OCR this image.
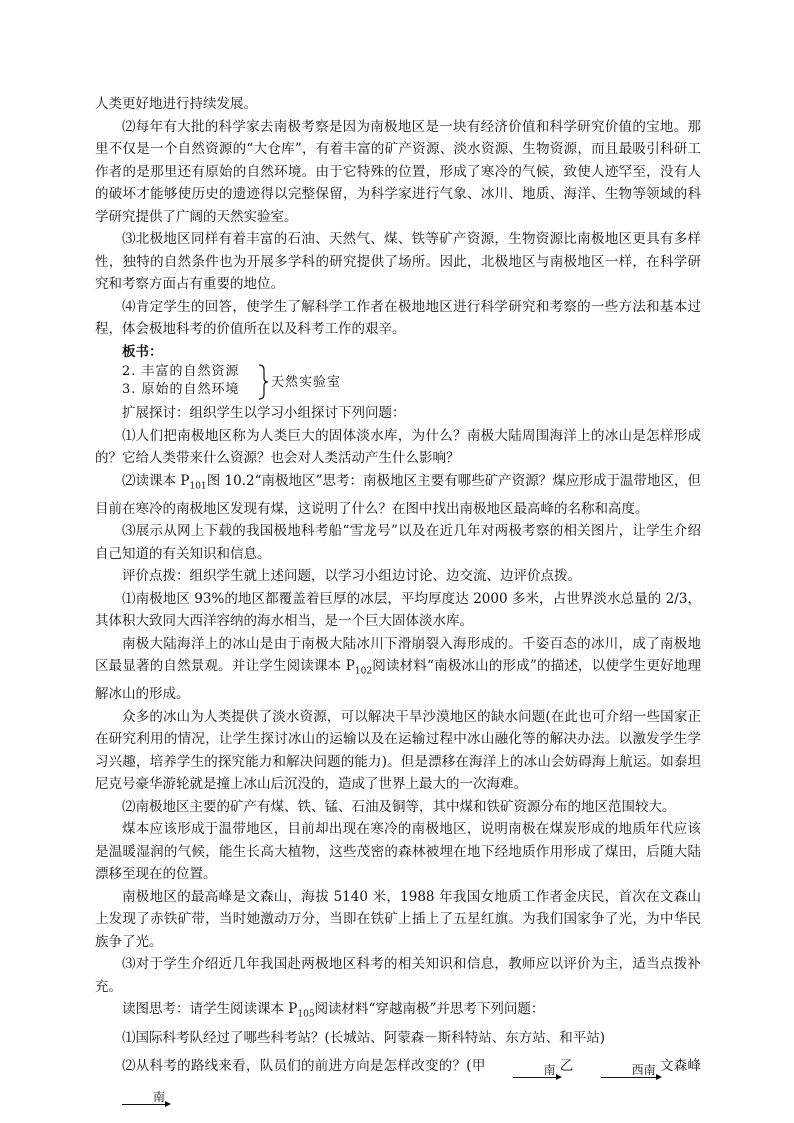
人类更好地进行持续发展。

⑵每年有大批的科学家去南极考察是因为南极地区是一块有经济价值和科学研究价值的宝地。那里不仅是一个自然资源的“大仓库”，有着丰富的矿产资源、淡水资源、生物资源，而且最吸引科研工作者的是那里还有原始的自然环境。由于它特殊的位置，形成了寒冷的气候，致使人迹罕至，没有人的破坏才能够使历史的遗迹得以完整保留，为科学家进行气象、冰川、地质、海洋、生物等领域的科学研究提供了广阔的天然实验室。

⑶北极地区同样有着丰富的石油、天然气、煤、铁等矿产资源，生物资源比南极地区更具有多样性，独特的自然条件也为开展多学科的研究提供了场所。因此，北极地区与南极地区一样，在科学研究和考察方面占有重要的地位。

⑷肯定学生的回答，使学生了解科学工作者在极地地区进行科学研究和考察的一些方法和基本过程，体会极地科考的价值所在以及科考工作的艰辛。

板书：

2. 丰富的自然资源
3. 原始的自然环境 天然实验室

扩展探讨：组织学生以学习小组探讨下列问题：

⑴人们把南极地区称为人类巨大的固体淡水库，为什么？南极大陆周围海洋上的冰山是怎样形成的？它给人类带来什么资源？也会对人类活动产生什么影响？

⑵读课本 $P_{101}$图 10.2“南极地区”思考：南极地区主要有哪些矿产资源？煤应形成于温带地区，但目前在寒冷的南极地区发现有煤，这说明了什么？在图中找出南极地区最高峰的名称和高度。

⑶展示从网上下载的我国极地科考船“雪龙号”以及在近几年对两极考察的相关图片，让学生介绍自己知道的有关知识和信息。

评价点拨：组织学生就上述问题，以学习小组边讨论、边交流、边评价点拨。

⑴南极地区 93%的地区都覆盖着巨厚的冰层，平均厚度达 2000 多米，占世界淡水总量的 2/3，其体积大致同大西洋容纳的海水相当，是一个巨大固体淡水库。

南极大陆海洋上的冰山是由于南极大陆冰川下滑崩裂入海形成的。千姿百态的冰川，成了南极地区最显著的自然景观。并让学生阅读课本 $P_{102}$阅读材料“南极冰山的形成”的描述，以使学生更好地理解冰山的形成。

众多的冰山为人类提供了淡水资源，可以解决干旱沙漠地区的缺水问题(在此也可介绍一些国家正在研究利用的情况，让学生探讨冰山的运输以及在运输过程中冰山融化等的解决办法。以激发学生学习兴趣，培养学生的探究能力和解决问题的能力)。但是漂移在海洋上的冰山会妨碍海上航运。如泰坦尼克号豪华游轮就是撞上冰山后沉没的，造成了世界上最大的一次海难。

⑵南极地区主要的矿产有煤、铁、锰、石油及铜等，其中煤和铁矿资源分布的地区范围较大。

煤本应该形成于温带地区，目前却出现在寒冷的南极地区，说明南极在煤炭形成的地质年代应该是温暖湿润的气候，能生长高大植物，这些茂密的森林被埋在地下经地质作用形成了煤田，后随大陆漂移至现在的位置。

南极地区的最高峰是文森山，海拔 5140 米，1988 年我国女地质工作者金庆民，首次在文森山上发现了赤铁矿带，当时她激动万分，当即在铁矿上插上了五星红旗。为我们国家争了光，为中华民族争了光。

⑶对于学生介绍近几年我国赴两极地区科考的相关知识和信息，教师应以评价为主，适当点拨补充。

读图思考：请学生阅读课本 $P_{105}$阅读材料“穿越南极”并思考下列问题：

⑴国际科考队经过了哪些科考站？(长城站、阿蒙森－斯科特站、东方站、和平站)

⑵从科考的路线来看，队员们的前进方向是怎样改变的？(甲	南 乙	西南 文森峰
南
